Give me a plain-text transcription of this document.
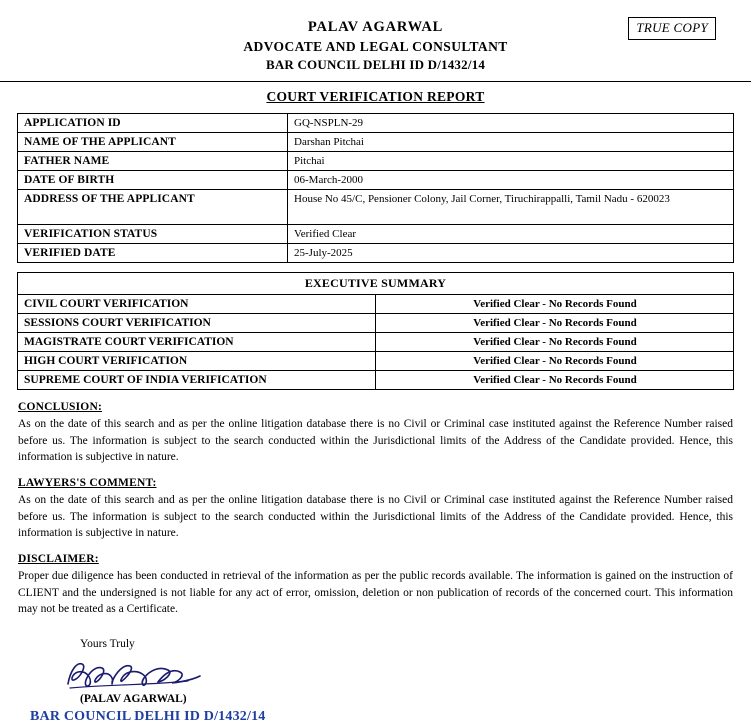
TRUE COPY
PALAV AGARWAL
ADVOCATE AND LEGAL CONSULTANT
BAR COUNCIL DELHI ID D/1432/14
COURT VERIFICATION REPORT
APPLICATION ID	GQ-NSPLN-29
NAME OF THE APPLICANT	Darshan Pitchai
FATHER NAME	Pitchai
DATE OF BIRTH	06-March-2000
ADDRESS OF THE APPLICANT	House No 45/C, Pensioner Colony, Jail Corner, Tiruchirappalli, Tamil Nadu - 620023
VERIFICATION STATUS	Verified Clear
VERIFIED DATE	25-July-2025
EXECUTIVE SUMMARY	
CIVIL COURT VERIFICATION	Verified Clear - No Records Found
SESSIONS COURT VERIFICATION	Verified Clear - No Records Found
MAGISTRATE COURT VERIFICATION	Verified Clear - No Records Found
HIGH COURT VERIFICATION	Verified Clear - No Records Found
SUPREME COURT OF INDIA VERIFICATION	Verified Clear - No Records Found
CONCLUSION:

As on the date of this search and as per the online litigation database there is no Civil or Criminal case instituted against the Reference Number raised before us. The information is subject to the search conducted within the Jurisdictional limits of the Address of the Candidate provided. Hence, this information is subjective in nature.

LAWYERS'S COMMENT:

As on the date of this search and as per the online litigation database there is no Civil or Criminal case instituted against the Reference Number raised before us. The information is subject to the search conducted within the Jurisdictional limits of the Address of the Candidate provided. Hence, this information is subjective in nature.

DISCLAIMER:

Proper due diligence has been conducted in retrieval of the information as per the public records available. The information is gained on the instruction of CLIENT and the undersigned is not liable for any act of error, omission, deletion or non publication of records of the concerned court. This information may not be treated as a Certificate.

Yours Truly
(PALAV AGARWAL)
BAR COUNCIL DELHI ID D/1432/14
